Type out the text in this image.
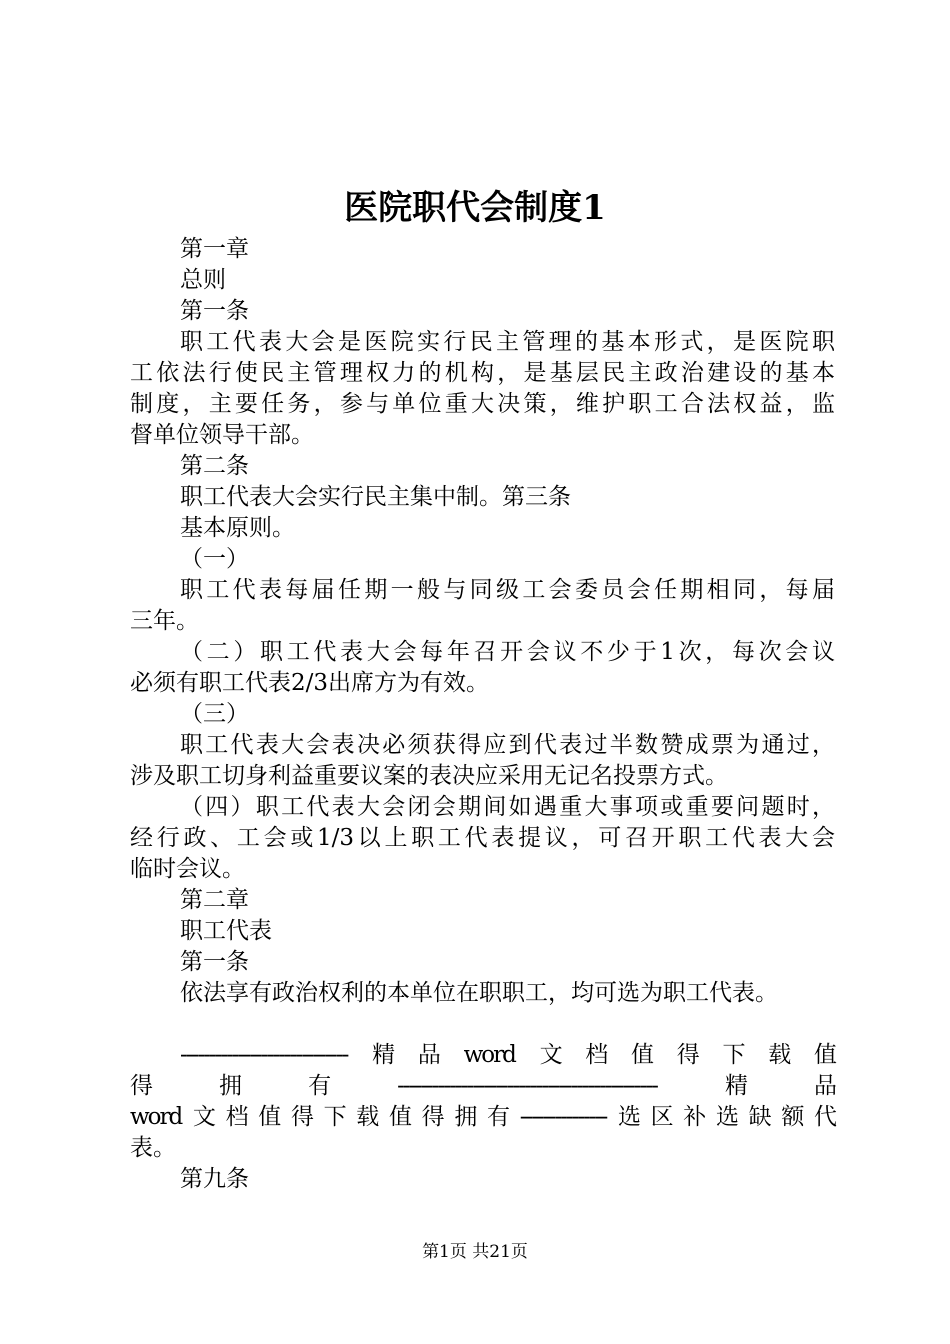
医院职代会制度1
第一章
总则
第一条
职工代表大会是医院实行民主管理的基本形式，是医院职
工依法行使民主管理权力的机构，是基层民主政治建设的基本
制度，主要任务，参与单位重大决策，维护职工合法权益，监
督单位领导干部。
第二条
职工代表大会实行民主集中制。第三条
基本原则。
（一）
职工代表每届任期一般与同级工会委员会任期相同，每届
三年。
（二）职工代表大会每年召开会议不少于1次，每次会议
必须有职工代表2/3出席方为有效。
（三）
职工代表大会表决必须获得应到代表过半数赞成票为通过，
涉及职工切身利益重要议案的表决应采用无记名投票方式。
（四）职工代表大会闭会期间如遇重大事项或重要问题时，
经行政、工会或1/3以上职工代表提议，可召开职工代表大会
临时会议。
第二章
职工代表
第一条
依法享有政治权利的本单位在职职工，均可选为职工代表。
-----------------------------精品word文档值得下载值
得拥有---------------------------------------------精品
word文档值得下载值得拥有---------------选区补选缺额代
表。
第九条
第1页 共21页
